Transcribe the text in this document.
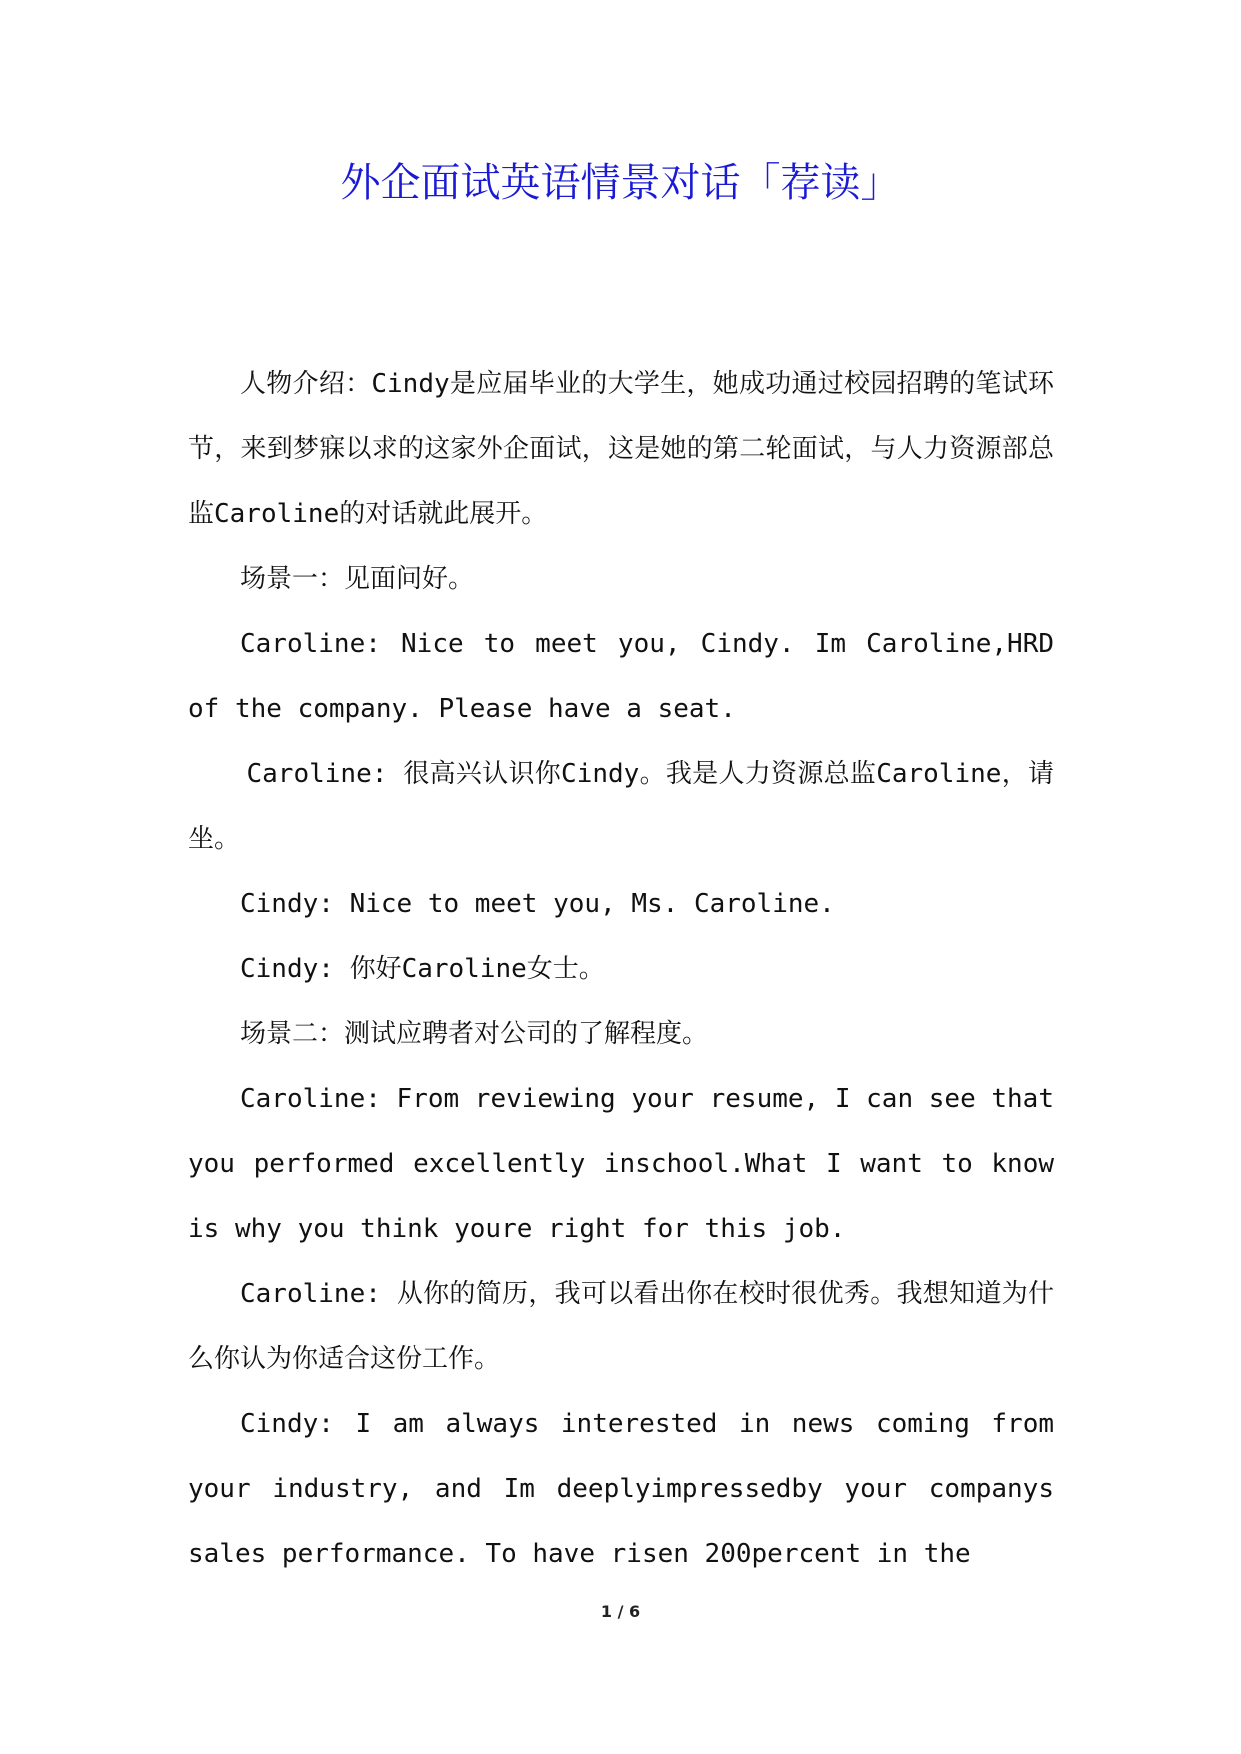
外企面试英语情景对话「荐读」

人物介绍：Cindy是应届毕业的大学生，她成功通过校园招聘的笔试环节，来到梦寐以求的这家外企面试，这是她的第二轮面试，与人力资源部总监Caroline的对话就此展开。

场景一：见面问好。

Caroline: Nice to meet you, Cindy. Im Caroline,HRD of the company. Please have a seat.

Caroline: 很高兴认识你Cindy。我是人力资源总监Caroline，请坐。

Cindy: Nice to meet you, Ms. Caroline.

Cindy: 你好Caroline女士。

场景二：测试应聘者对公司的了解程度。

Caroline: From reviewing your resume, I can see that you performed excellently inschool.What I want to know is why you think youre right for this job.

Caroline: 从你的简历，我可以看出你在校时很优秀。我想知道为什么你认为你适合这份工作。

Cindy: I am always interested in news coming from your industry, and Im deeplyimpressedby your companys sales performance. To have risen 200percent in the

1 / 6
